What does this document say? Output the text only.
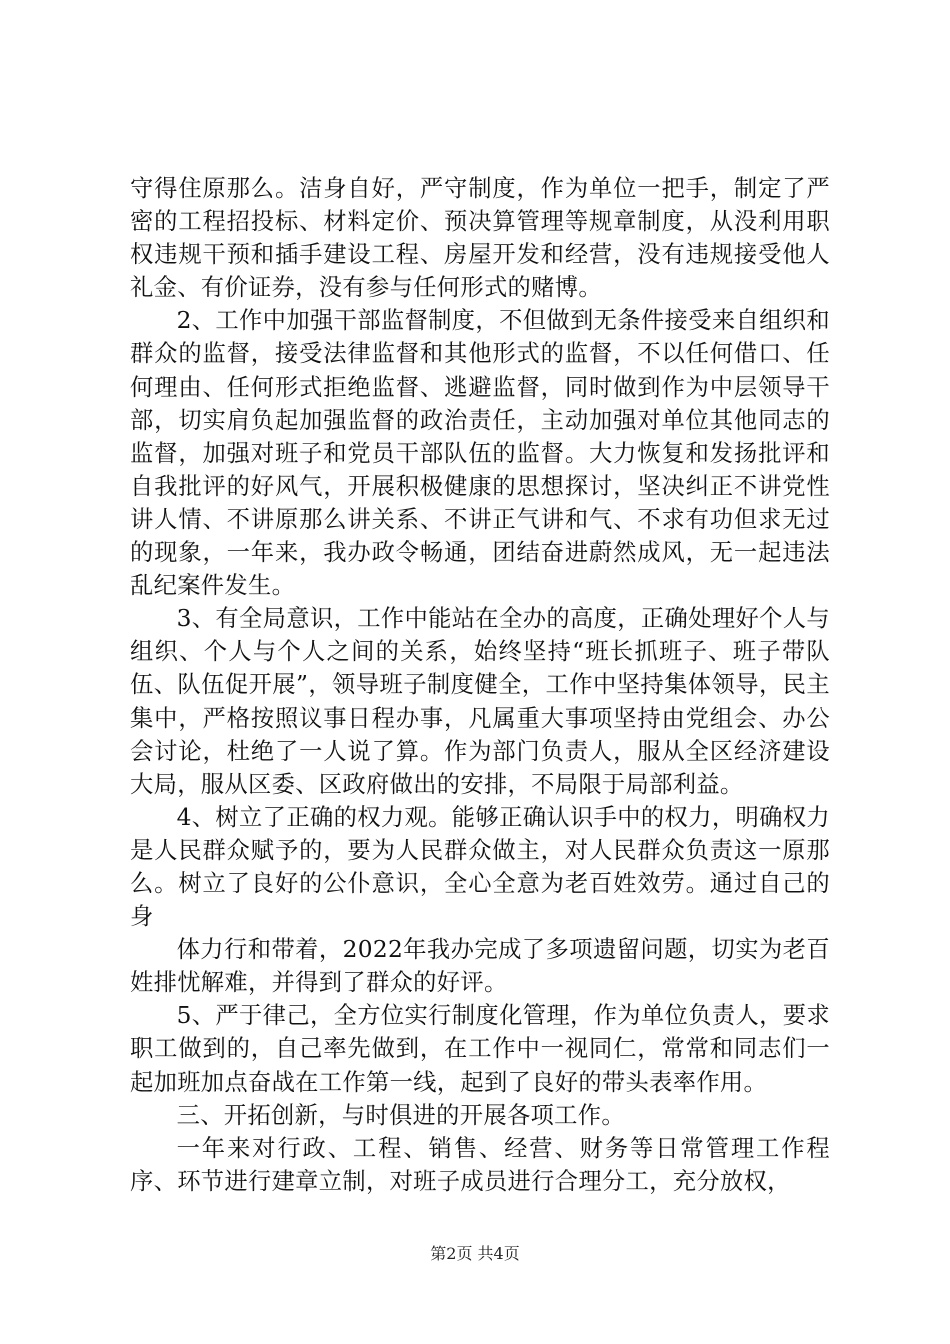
守得住原那么。洁身自好，严守制度，作为单位一把手，制定了严密的工程招投标、材料定价、预决算管理等规章制度，从没利用职权违规干预和插手建设工程、房屋开发和经营，没有违规接受他人礼金、有价证券，没有参与任何形式的赌博。

2、工作中加强干部监督制度，不但做到无条件接受来自组织和群众的监督，接受法律监督和其他形式的监督，不以任何借口、任何理由、任何形式拒绝监督、逃避监督，同时做到作为中层领导干部，切实肩负起加强监督的政治责任，主动加强对单位其他同志的监督，加强对班子和党员干部队伍的监督。大力恢复和发扬批评和自我批评的好风气，开展积极健康的思想探讨，坚决纠正不讲党性讲人情、不讲原那么讲关系、不讲正气讲和气、不求有功但求无过的现象，一年来，我办政令畅通，团结奋进蔚然成风，无一起违法乱纪案件发生。

3、有全局意识，工作中能站在全办的高度，正确处理好个人与组织、个人与个人之间的关系，始终坚持“班长抓班子、班子带队伍、队伍促开展”，领导班子制度健全，工作中坚持集体领导，民主集中，严格按照议事日程办事，凡属重大事项坚持由党组会、办公会讨论，杜绝了一人说了算。作为部门负责人，服从全区经济建设大局，服从区委、区政府做出的安排，不局限于局部利益。

4、树立了正确的权力观。能够正确认识手中的权力，明确权力是人民群众赋予的，要为人民群众做主，对人民群众负责这一原那么。树立了良好的公仆意识，全心全意为老百姓效劳。通过自己的身

体力行和带着，2022年我办完成了多项遗留问题，切实为老百姓排忧解难，并得到了群众的好评。

5、严于律己，全方位实行制度化管理，作为单位负责人，要求职工做到的，自己率先做到，在工作中一视同仁，常常和同志们一起加班加点奋战在工作第一线，起到了良好的带头表率作用。

三、开拓创新，与时俱进的开展各项工作。

一年来对行政、工程、销售、经营、财务等日常管理工作程序、环节进行建章立制，对班子成员进行合理分工，充分放权，

第2页 共4页
